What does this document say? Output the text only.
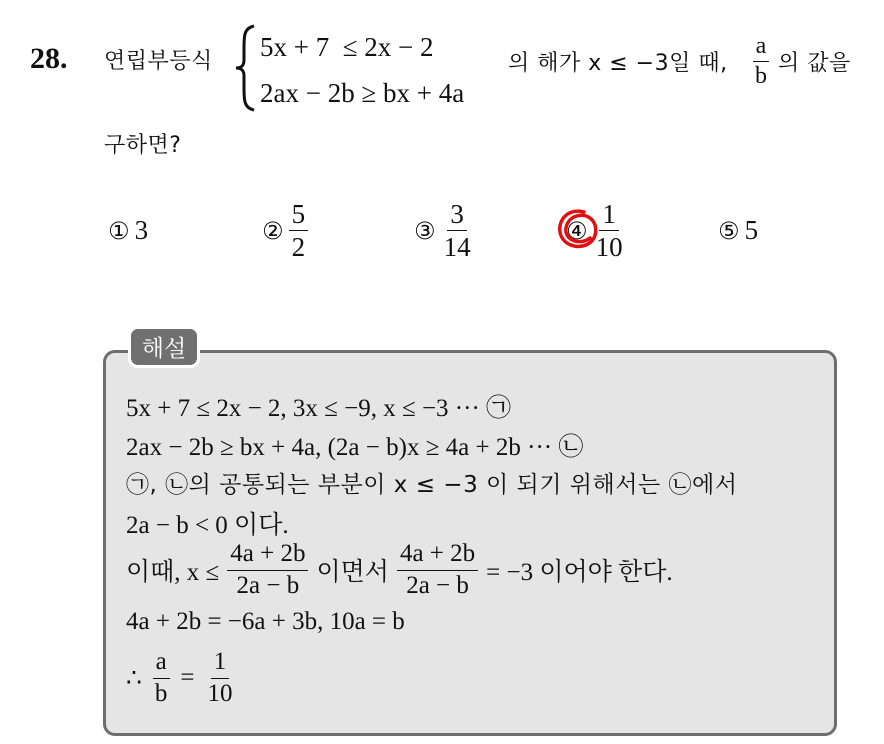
28. 연립부등식 5x + 7 ≤ 2x − 2
2ax − 2b ≥ bx + 4a
의 해가 x ≤ −3일 때, $\frac{a}{b}$ 의 값을
구하면?
① 3	② $\frac{5}{2}$	③ $\frac{3}{14}$	④ $\frac{1}{10}$	⑤ 5
해설
5x + 7 ≤ 2x − 2, 3x ≤ −9, x ≤ −3 ··· ㉠
2ax − 2b ≥ bx + 4a, (2a − b)x ≥ 4a + 2b ··· ㉡
㉠, ㉡의 공통되는 부분이 x ≤ −3 이 되기 위해서는 ㉡에서
2a − b < 0 이다.
이때, $x \le \frac{4a + 2b}{2a - b}$ 이면서 $\frac{4a + 2b}{2a - b} = -3$ 이어야 한다.
4a + 2b = −6a + 3b, 10a = b
∴ $\frac{a}{b} = \frac{1}{10}$
